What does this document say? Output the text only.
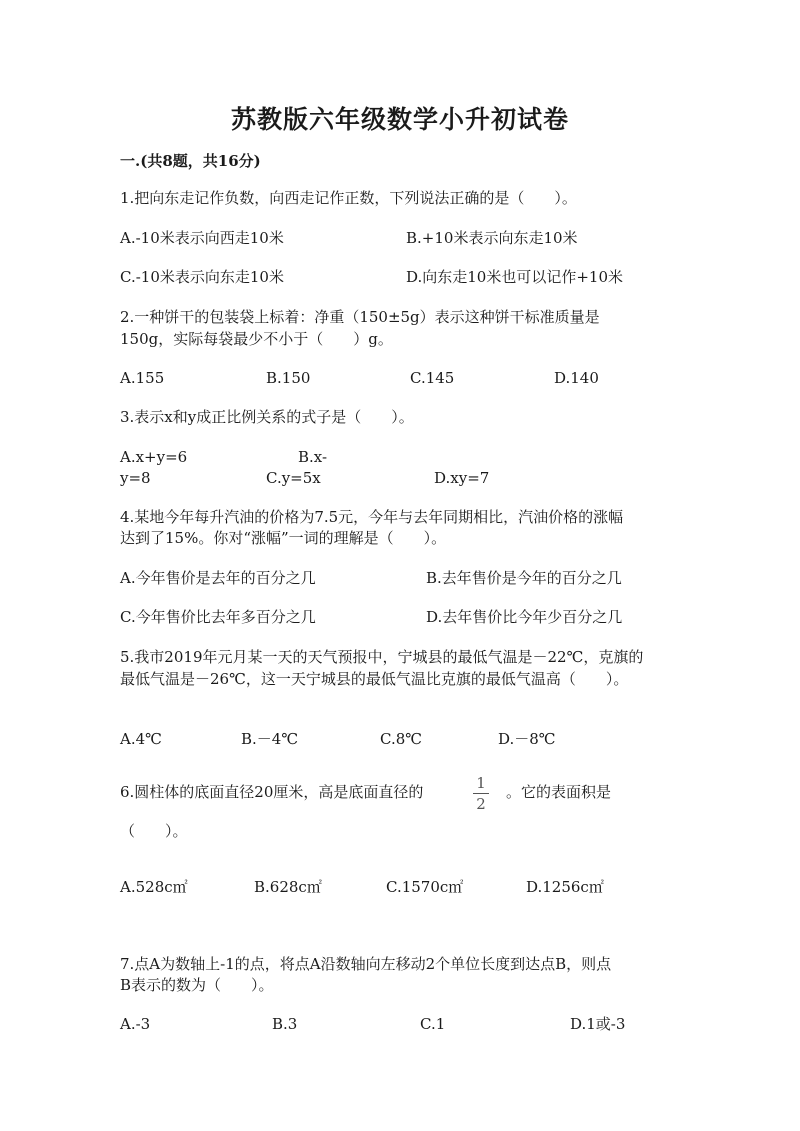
苏教版六年级数学小升初试卷
一.(共8题，共16分)
1.把向东走记作负数，向西走记作正数，下列说法正确的是（　　）。
A.-10米表示向西走10米	B.+10米表示向东走10米
C.-10米表示向东走10米	D.向东走10米也可以记作+10米
2.一种饼干的包装袋上标着：净重（150±5g）表示这种饼干标准质量是
150g，实际每袋最少不小于（　　）g。
A.155	B.150	C.145	D.140
3.表示x和y成正比例关系的式子是（　　）。
A.x+y=6	B.x-
y=8	C.y=5x	D.xy=7
4.某地今年每升汽油的价格为7.5元，今年与去年同期相比，汽油价格的涨幅
达到了15%。你对“涨幅”一词的理解是（　　）。
A.今年售价是去年的百分之几	B.去年售价是今年的百分之几
C.今年售价比去年多百分之几	D.去年售价比今年少百分之几
5.我市2019年元月某一天的天气预报中，宁城县的最低气温是－22℃，克旗的
最低气温是－26℃，这一天宁城县的最低气温比克旗的最低气温高（　　）。
A.4℃	B.－4℃	C.8℃	D.－8℃
6.圆柱体的底面直径20厘米，高是底面直径的	1
2
。它的表面积是
（　　）。
A.528c㎡	B.628c㎡	C.1570c㎡	D.1256c㎡
7.点A为数轴上-1的点，将点A沿数轴向左移动2个单位长度到达点B，则点
B表示的数为（　　）。
A.-3	B.3	C.1	D.1或-3
